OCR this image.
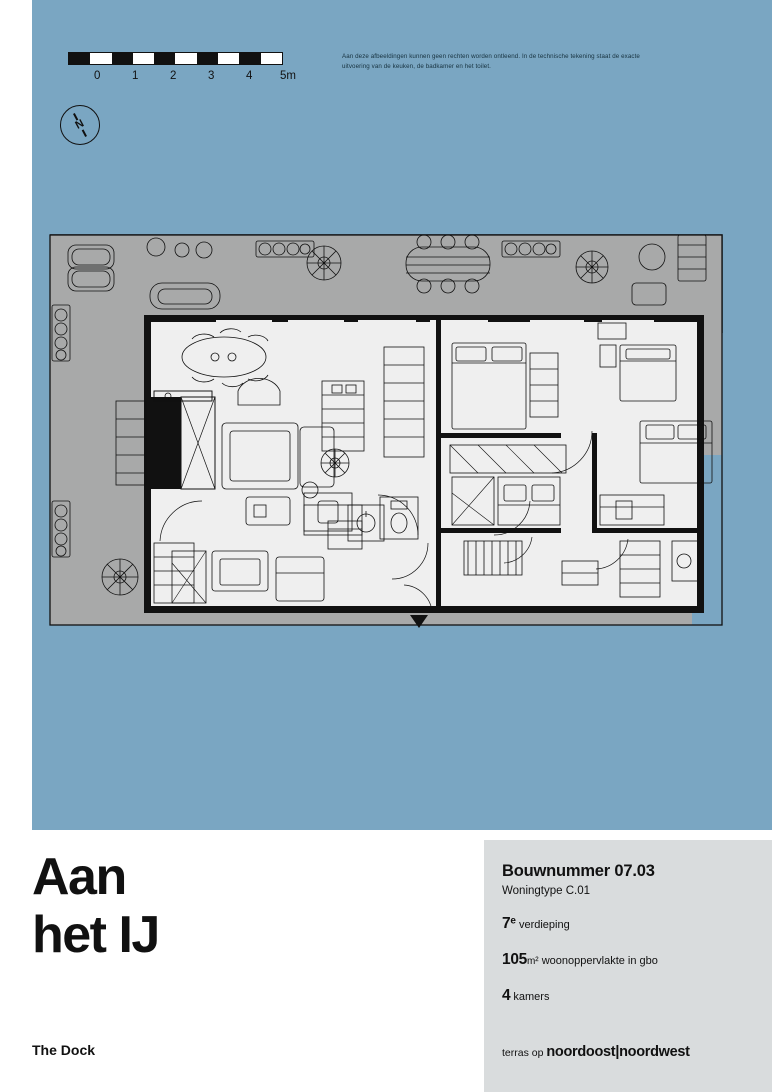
0	1	2	3	4 5m
N
Aan deze afbeeldingen kunnen geen rechten worden ontleend. In de technische tekening staat de exacte uitvoering van de keuken, de badkamer en het toilet.
Aan
het IJ
The Dock
Bouwnummer 07.03
Woningtype C.01
7e verdieping
105m² woonoppervlakte in gbo
4 kamers
terras op noordoost|noordwest
